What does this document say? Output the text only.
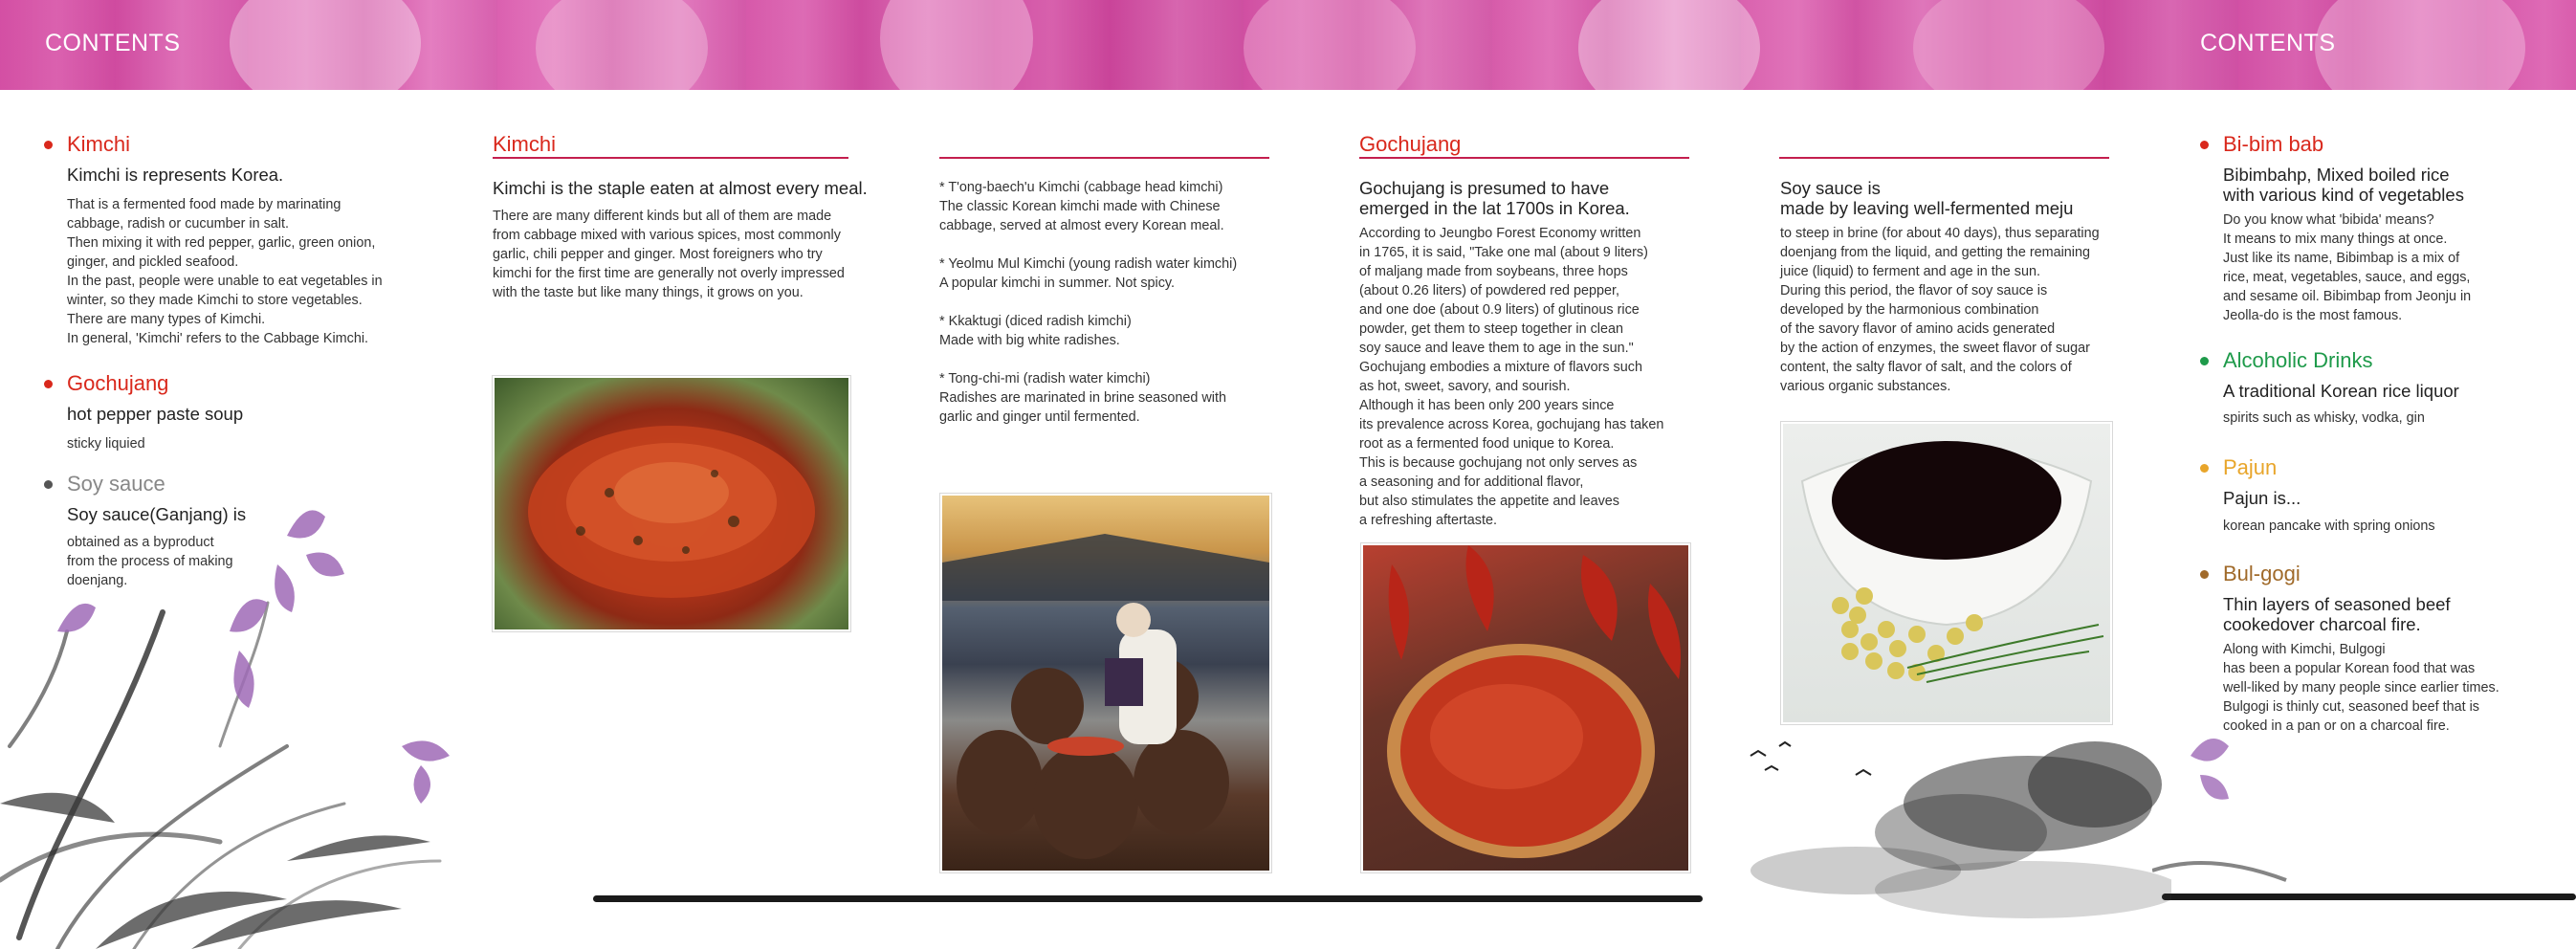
CONTENTS	CONTENTS
Kimchi
Kimchi is represents Korea.
That is a fermented food made by marinating
cabbage, radish or cucumber in salt.
Then mixing it with red pepper, garlic, green onion,
ginger, and pickled seafood.
In the past, people were unable to eat vegetables in
winter, so they made Kimchi to store vegetables.
There are many types of Kimchi.
In general, 'Kimchi' refers to the Cabbage Kimchi.
Gochujang
hot pepper paste soup
sticky liquied
Soy sauce
Soy sauce(Ganjang) is
obtained as a byproduct
from the process of making
doenjang.
Kimchi
Kimchi is the staple eaten at almost every meal.
There are many different kinds but all of them are made
from cabbage mixed with various spices, most commonly
garlic, chili pepper and ginger. Most foreigners who try
kimchi for the first time are generally not overly impressed
with the taste but like many things, it grows on you.
* T'ong-baech'u Kimchi (cabbage head kimchi)
The classic Korean kimchi made with Chinese
cabbage, served at almost every Korean meal.
* Yeolmu Mul Kimchi (young radish water kimchi)
A popular kimchi in summer. Not spicy.
* Kkaktugi (diced radish kimchi)
Made with big white radishes.
* Tong-chi-mi (radish water kimchi)
Radishes are marinated in brine seasoned with
garlic and ginger until fermented.
Gochujang
Gochujang is presumed to have
emerged in the lat 1700s in Korea.
According to Jeungbo Forest Economy written
in 1765, it is said, "Take one mal (about 9 liters)
of maljang made from soybeans, three hops
(about 0.26 liters) of powdered red pepper,
and one doe (about 0.9 liters) of glutinous rice
powder, get them to steep together in clean
soy sauce and leave them to age in the sun."
Gochujang embodies a mixture of flavors such
as hot, sweet, savory, and sourish.
Although it has been only 200 years since
its prevalence across Korea, gochujang has taken
root as a fermented food unique to Korea.
This is because gochujang not only serves as
a seasoning and for additional flavor,
but also stimulates the appetite and leaves
a refreshing aftertaste.
Soy sauce is
made by leaving well-fermented meju
to steep in brine (for about 40 days), thus separating
doenjang from the liquid, and getting the remaining
juice (liquid) to ferment and age in the sun.
During this period, the flavor of soy sauce is
developed by the harmonious combination
of the savory flavor of amino acids generated
by the action of enzymes, the sweet flavor of sugar
content, the salty flavor of salt, and the colors of
various organic substances.
Bi-bim bab
Bibimbahp, Mixed boiled rice
with various kind of vegetables
Do you know what 'bibida' means?
It means to mix many things at once.
Just like its name, Bibimbap is a mix of
rice, meat, vegetables, sauce, and eggs,
and sesame oil. Bibimbap from Jeonju in
Jeolla-do is the most famous.
Alcoholic Drinks
A traditional Korean rice liquor
spirits such as whisky, vodka, gin
Pajun
Pajun is...
korean pancake with spring onions
Bul-gogi
Thin layers of seasoned beef
cookedover charcoal fire.
Along with Kimchi, Bulgogi
has been a popular Korean food that was
well-liked by many people since earlier times.
Bulgogi is thinly cut, seasoned beef that is
cooked in a pan or on a charcoal fire.
